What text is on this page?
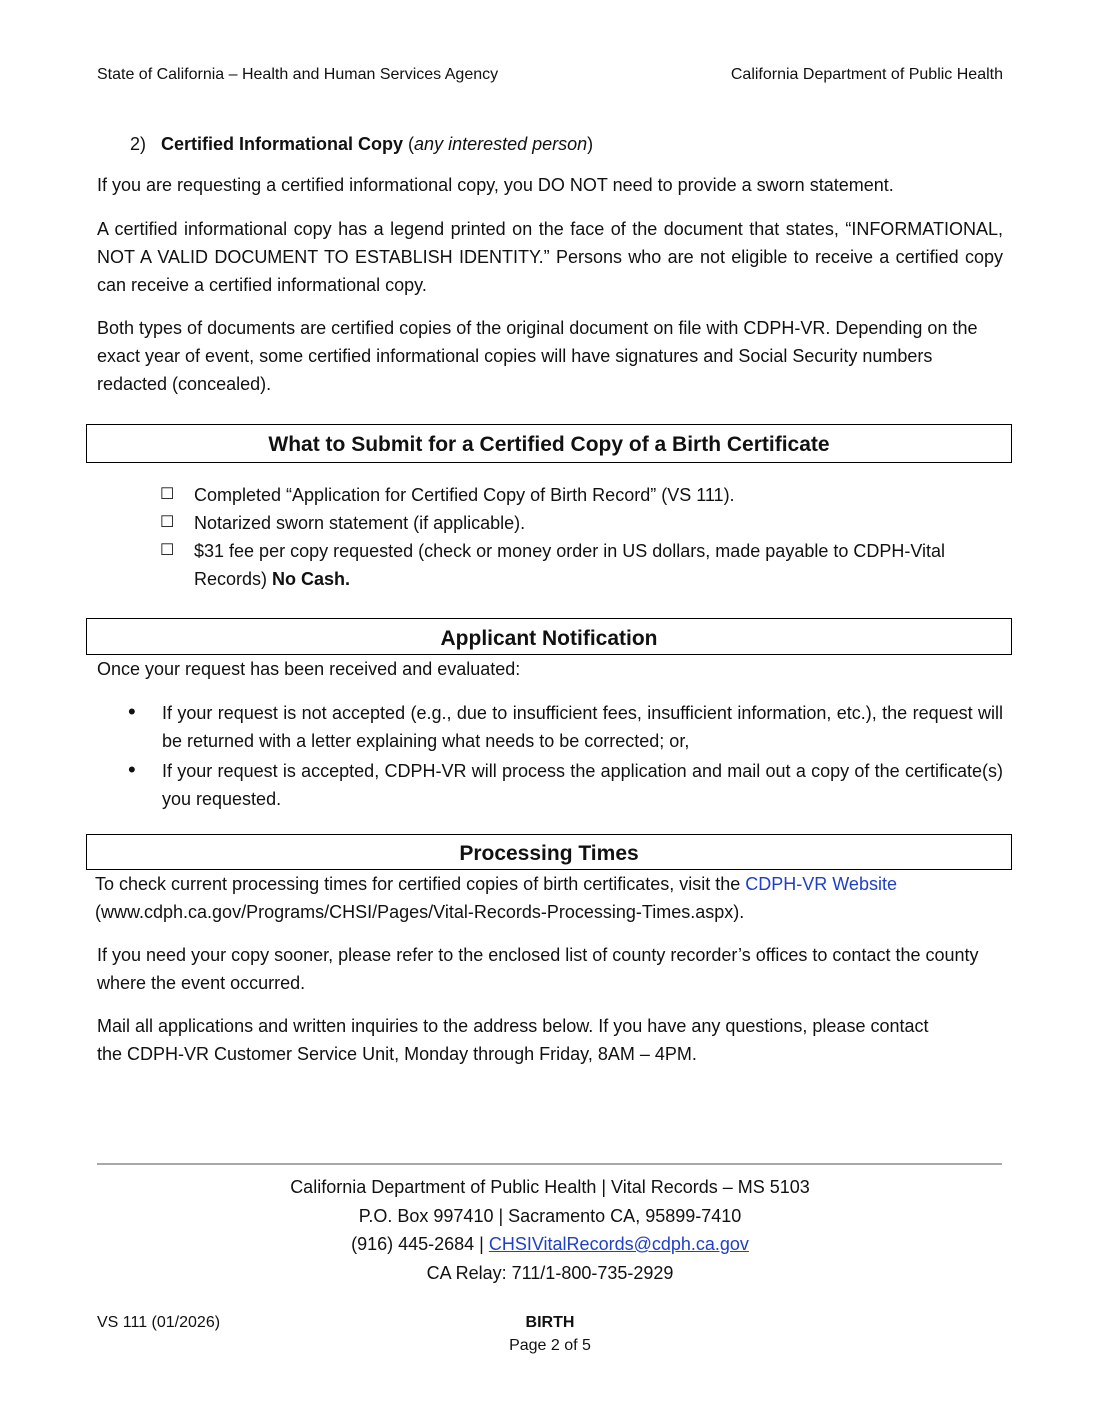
State of California – Health and Human Services Agency	California Department of Public Health
2) Certified Informational Copy (any interested person)

If you are requesting a certified informational copy, you DO NOT need to provide a sworn statement.

A certified informational copy has a legend printed on the face of the document that states, “INFORMATIONAL, NOT A VALID DOCUMENT TO ESTABLISH IDENTITY.” Persons who are not eligible to receive a certified copy can receive a certified informational copy.

Both types of documents are certified copies of the original document on file with CDPH-VR. Depending on the exact year of event, some certified informational copies will have signatures and Social Security numbers redacted (concealed).

What to Submit for a Certified Copy of a Birth Certificate
☐	Completed “Application for Certified Copy of Birth Record” (VS 111).
☐	Notarized sworn statement (if applicable).
☐	$31 fee per copy requested (check or money order in US dollars, made payable to CDPH-Vital Records) No Cash.
Applicant Notification

Once your request has been received and evaluated:

•	If your request is not accepted (e.g., due to insufficient fees, insufficient information, etc.), the request will be returned with a letter explaining what needs to be corrected; or,
•	If your request is accepted, CDPH-VR will process the application and mail out a copy of the certificate(s) you requested.
Processing Times

To check current processing times for certified copies of birth certificates, visit the CDPH-VR Website
(www.cdph.ca.gov/Programs/CHSI/Pages/Vital-Records-Processing-Times.aspx).

If you need your copy sooner, please refer to the enclosed list of county recorder’s offices to contact the county where the event occurred.

Mail all applications and written inquiries to the address below. If you have any questions, please contact the CDPH-VR Customer Service Unit, Monday through Friday, 8AM – 4PM.

California Department of Public Health | Vital Records – MS 5103
P.O. Box 997410 | Sacramento CA, 95899-7410
(916) 445-2684 | CHSIVitalRecords@cdph.ca.gov
CA Relay: 711/1-800-735-2929
VS 111 (01/2026)	BIRTH
Page 2 of 5
